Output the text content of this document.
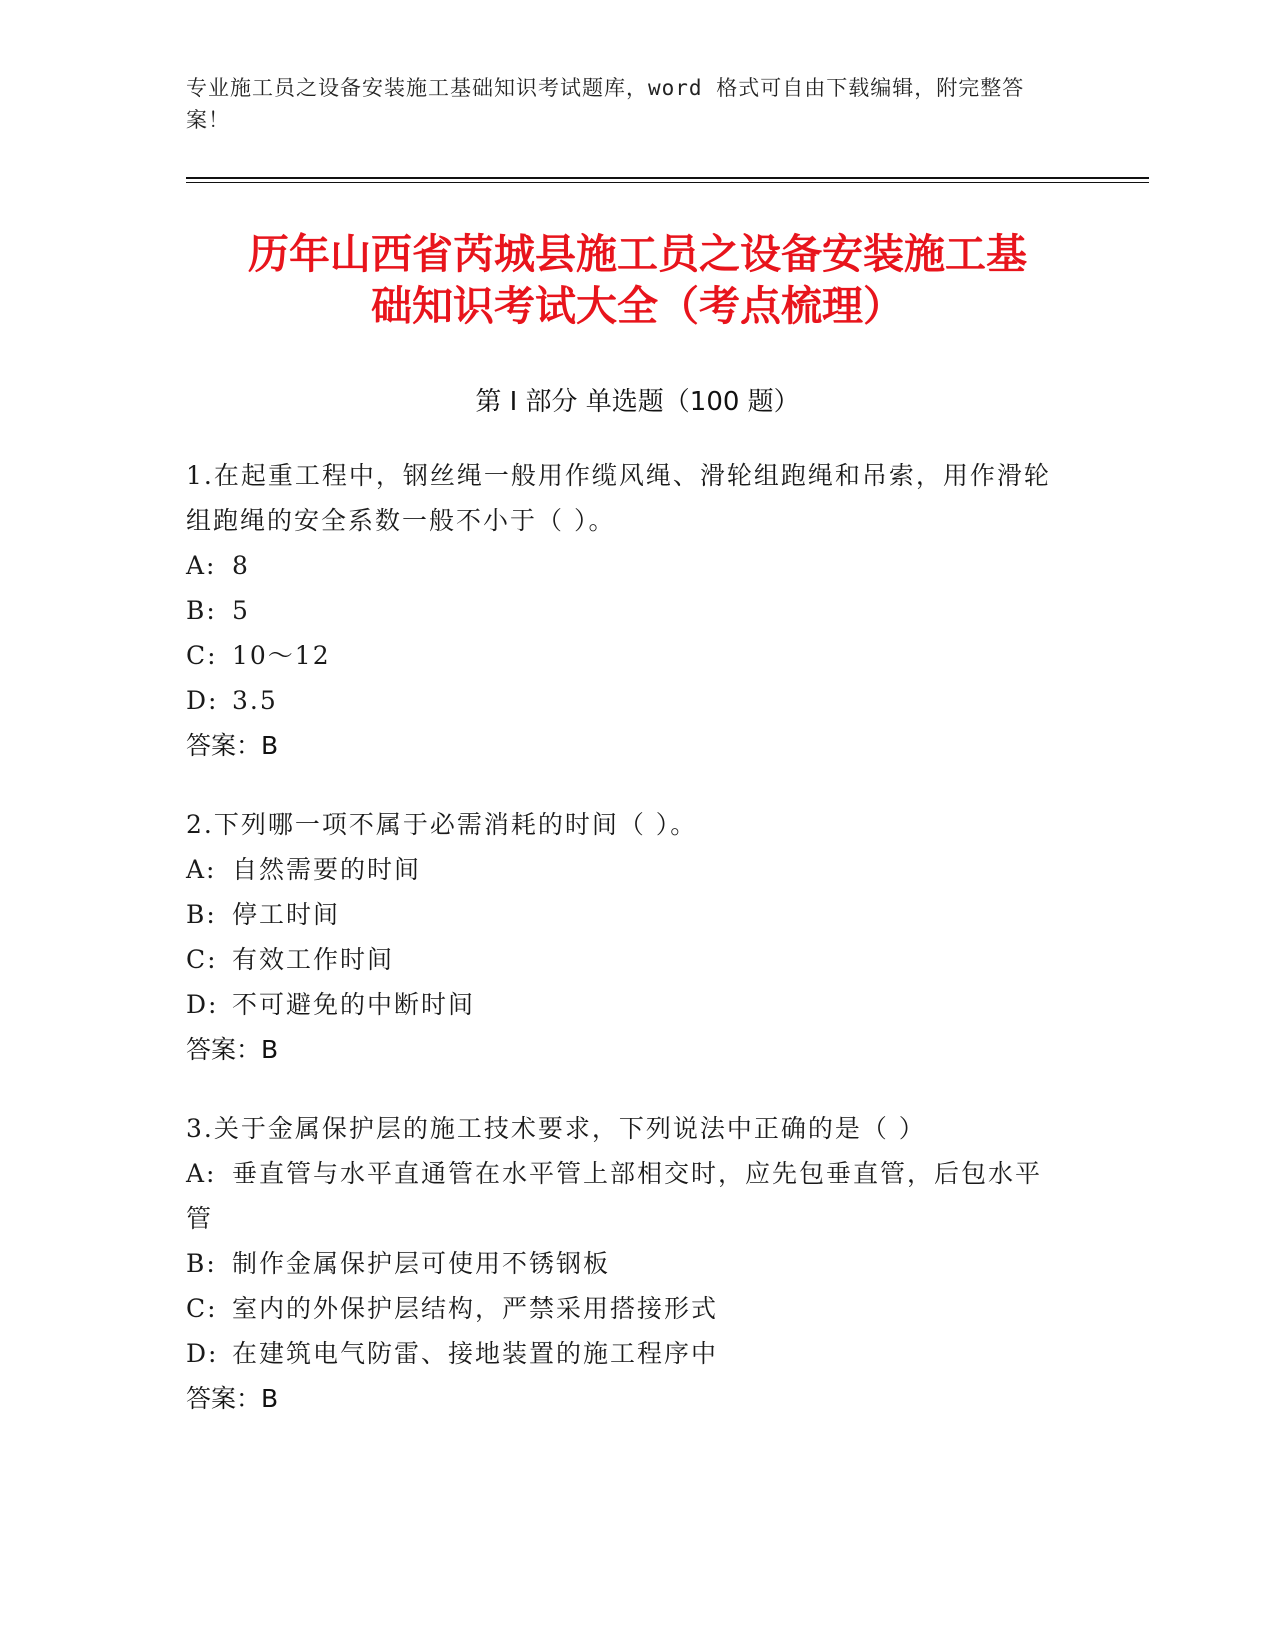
专业施工员之设备安装施工基础知识考试题库，word 格式可自由下载编辑，附完整答案！
历年山西省芮城县施工员之设备安装施工基
础知识考试大全（考点梳理）
第 I 部分 单选题（100 题）
1.在起重工程中，钢丝绳一般用作缆风绳、滑轮组跑绳和吊索，用作滑轮组跑绳的安全系数一般不小于（ ）。
A: 8
B: 5
C: 10～12
D: 3.5
答案：B
2.下列哪一项不属于必需消耗的时间（ ）。
A: 自然需要的时间
B: 停工时间
C: 有效工作时间
D: 不可避免的中断时间
答案：B
3.关于金属保护层的施工技术要求，下列说法中正确的是（ ）
A: 垂直管与水平直通管在水平管上部相交时，应先包垂直管，后包水平管
B: 制作金属保护层可使用不锈钢板
C: 室内的外保护层结构，严禁采用搭接形式
D: 在建筑电气防雷、接地装置的施工程序中
答案：B
